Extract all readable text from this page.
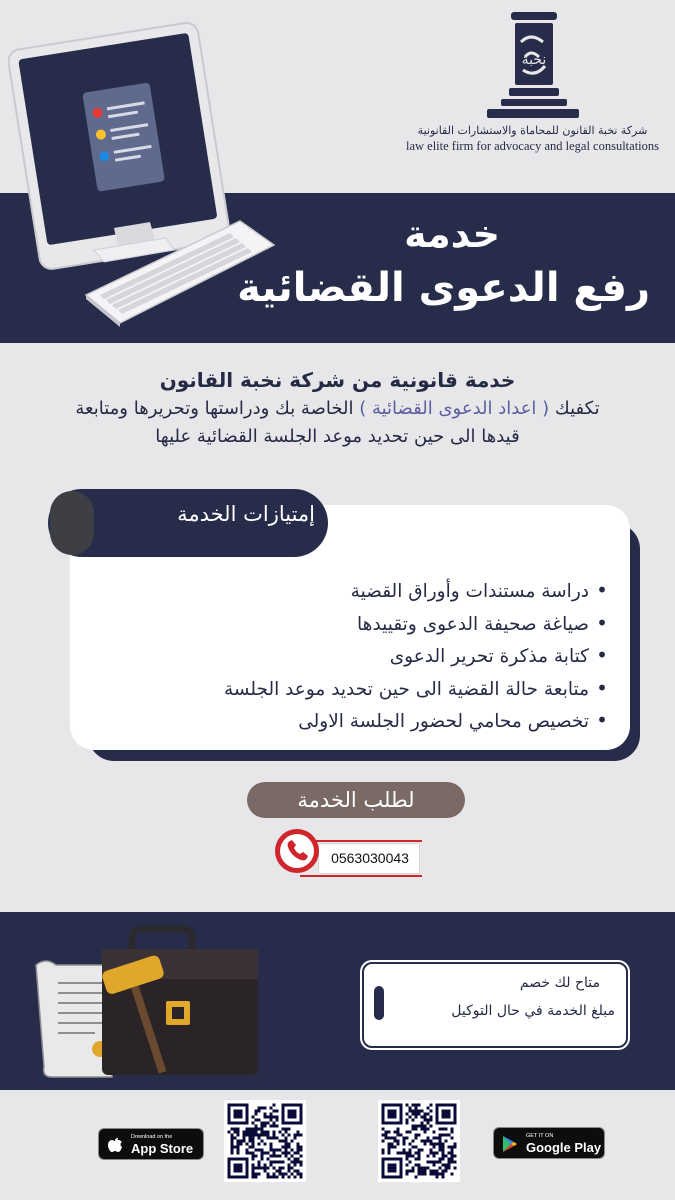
نخبة
شركة نخبة القانون للمحاماة والاستشارات القانونية
law elite firm for advocacy and legal consultations
خدمة
رفع الدعوى القضائية
خدمة قانونية من شركة نخبة القانون
تكفيك ( اعداد الدعوى القضائية ) الخاصة بك ودراستها وتحريرها ومتابعة
قيدها الى حين تحديد موعد الجلسة القضائية عليها
إمتيازات الخدمة
• دراسة مستندات وأوراق القضية
• صياغة صحيفة الدعوى وتقييدها
• كتابة مذكرة تحرير الدعوى
• متابعة حالة القضية الى حين تحديد موعد الجلسة
• تخصيص محامي لحضور الجلسة الاولى
لطلب الخدمة
0563030043
متاح لك خصم
مبلغ الخدمة في حال التوكيل
Download on the
App Store
GET IT ON
Google Play
